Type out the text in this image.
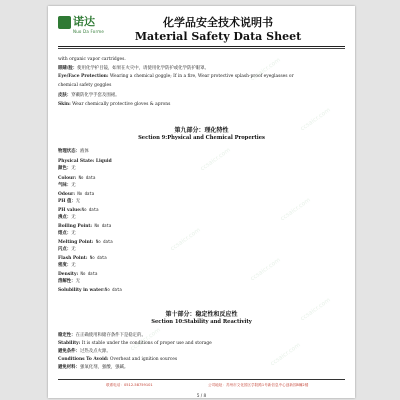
诺达
Nuo Da Forme
化学品安全技术说明书
Material Safety Data Sheet
with organic vapor cartridges.
眼睛/脸：使用化学护目镜，如果在火灾中，请使用化学防护或化学防护眼罩。
Eye/Face Protection: Wearing a chemical goggle; If in a fire, Wear protective splash-proof eyeglasses or
chemical safety goggles
皮肤：穿戴防化学手套及围裙。
Skin: Wear chemically protective gloves & aprons
第九部分：理化特性
Section 9:Physical and Chemical Properties
物理状态：液体
Physical State: Liquid
颜色：无
Colour: No data
气味：无
Odour: No data
PH 值：无
PH value:No data
沸点：无
Boiling Point: No data
熔点：无
Melting Point: No data
闪点：无
Flash Point: No data
密度：无
Density: No data
溶解性：无
Solubility in water:No data
第十部分：稳定性和反应性
Section 10:Stability and Reactivity
稳定性：在正确使用和储存条件下是稳定的。
Stability: It is stable under the conditions of proper use and storage
避免条件：过热及点火源。
Conditions To Avoid: Overheat and ignition sources
避免材料：强氧化剂，强酸，强碱。
联系电话：0512-58759101	公司地址：苏州市文化园区学院路1号新信息中心创新园8幢2楼
5 / 8
ccsaicr.com
ccsaicr.com
ccsaicr.com
ccsaicr.com
ccsaicr.com
ccsaicr.com
ccsaicr.com
ccsaicr.com
ccsaicr.com
